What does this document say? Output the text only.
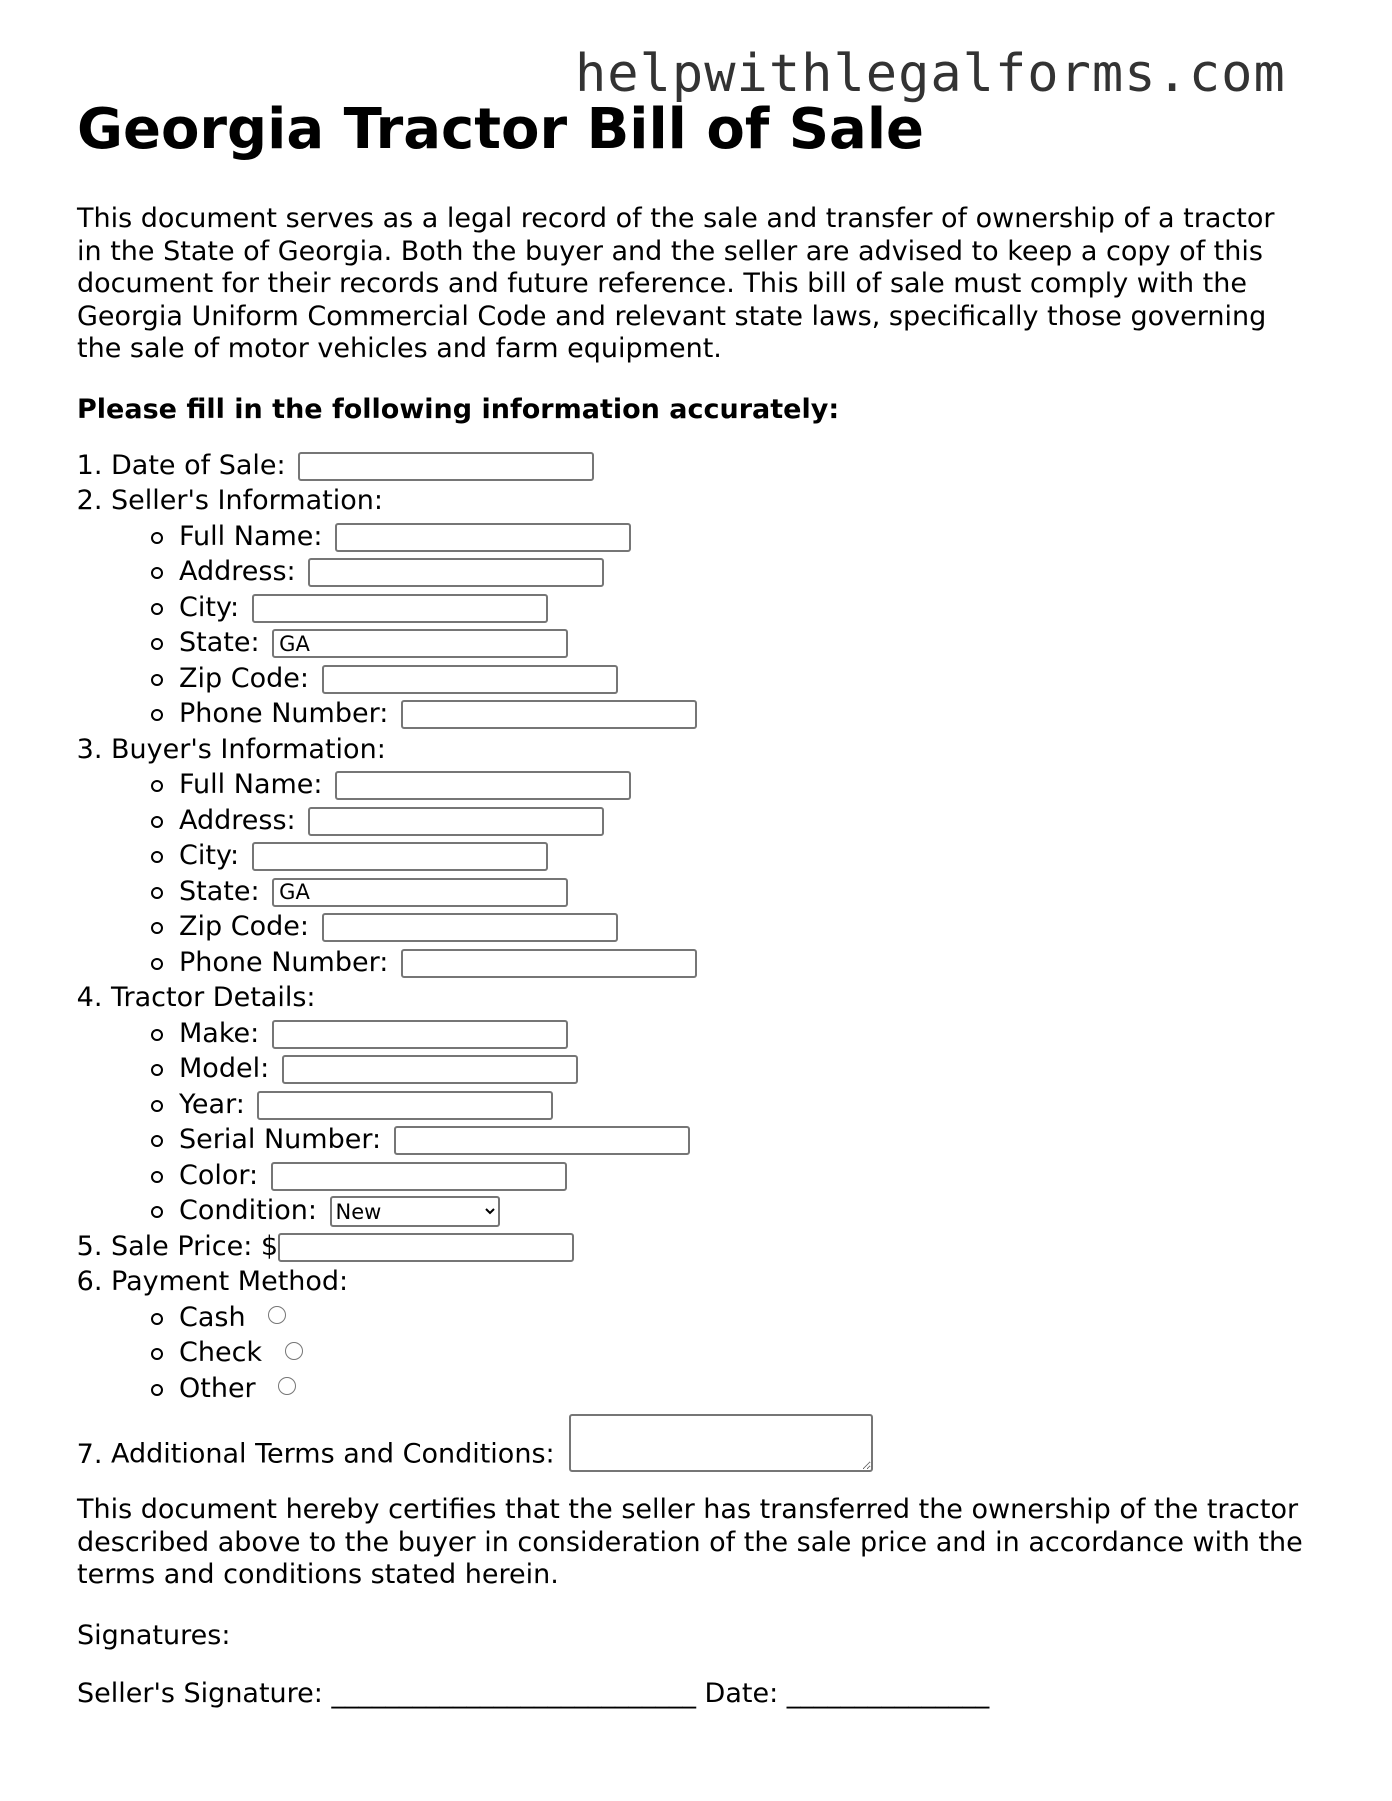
helpwithlegalforms.com
Georgia Tractor Bill of Sale

This document serves as a legal record of the sale and transfer of ownership of a tractor in the State of Georgia. Both the buyer and the seller are advised to keep a copy of this document for their records and future reference. This bill of sale must comply with the Georgia Uniform Commercial Code and relevant state laws, specifically those governing the sale of motor vehicles and farm equipment.

Please fill in the following information accurately:

1. Date of Sale:
2. Seller's Information:
Full Name:
Address:
City:
State: GA
Zip Code:
Phone Number:
3. Buyer's Information:
Full Name:
Address:
City:
State: GA
Zip Code:
Phone Number:
4. Tractor Details:
Make:
Model:
Year:
Serial Number:
Color:
Condition:
New
5. Sale Price: $
6. Payment Method:
Cash
Check
Other
7. Additional Terms and Conditions:

This document hereby certifies that the seller has transferred the ownership of the tractor described above to the buyer in consideration of the sale price and in accordance with the terms and conditions stated herein.

Signatures:

Seller's Signature: ___________________________ Date: _______________
